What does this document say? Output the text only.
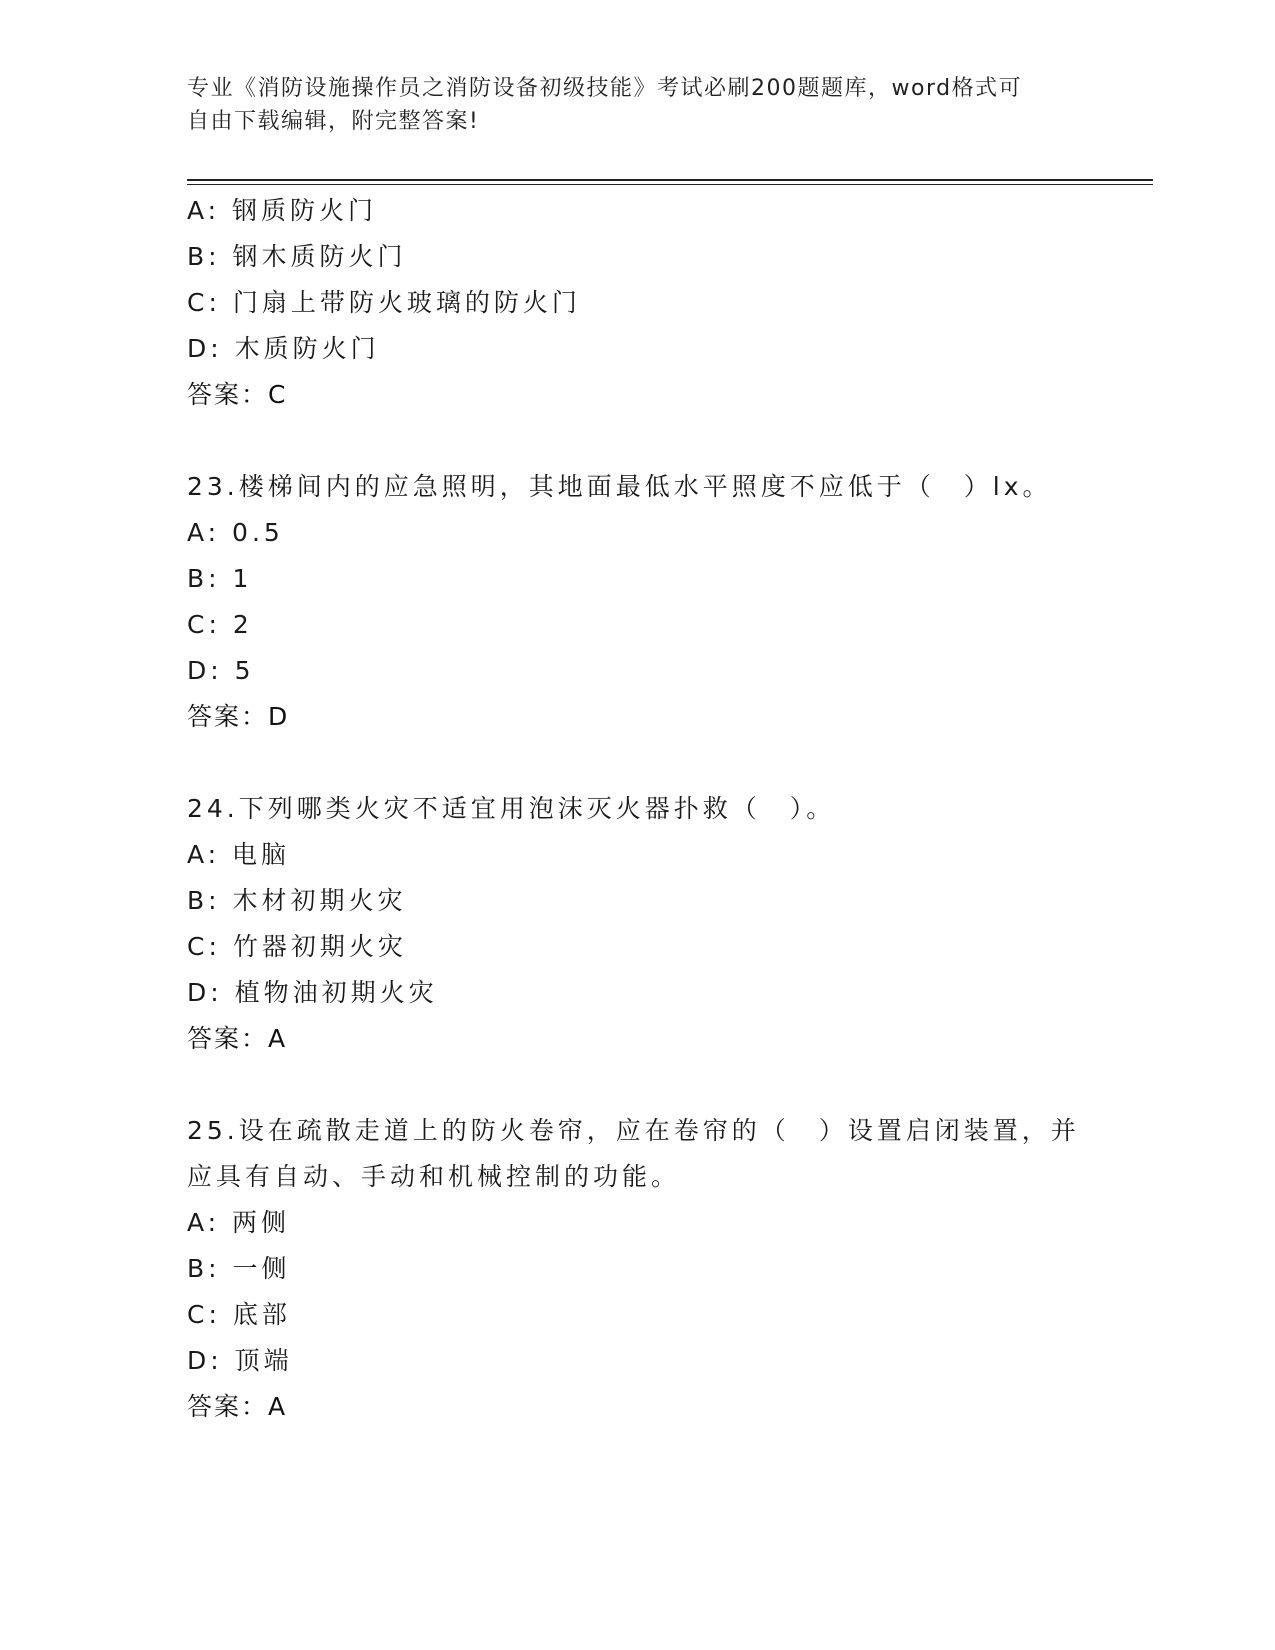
专业《消防设施操作员之消防设备初级技能》考试必刷200题题库，word格式可
自由下载编辑，附完整答案!
A: 钢质防火门
B: 钢木质防火门
C: 门扇上带防火玻璃的防火门
D: 木质防火门
答案：C
23.楼梯间内的应急照明，其地面最低水平照度不应低于（　）lx。
A: 0.5
B: 1
C: 2
D: 5
答案：D
24.下列哪类火灾不适宜用泡沫灭火器扑救（　）。
A: 电脑
B: 木材初期火灾
C: 竹器初期火灾
D: 植物油初期火灾
答案：A
25.设在疏散走道上的防火卷帘，应在卷帘的（　）设置启闭装置，并
应具有自动、手动和机械控制的功能。
A: 两侧
B: 一侧
C: 底部
D: 顶端
答案：A
